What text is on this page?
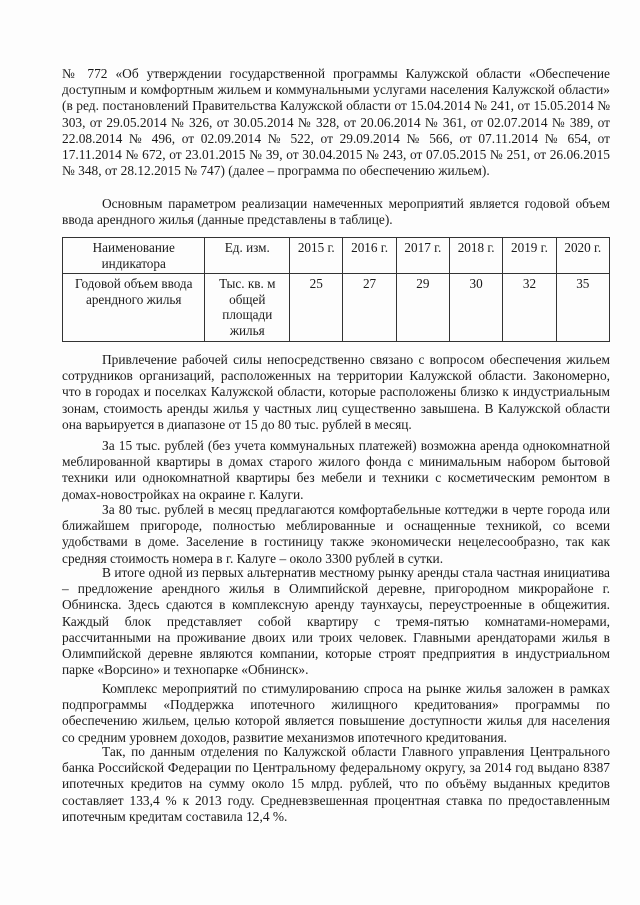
№ 772 «Об утверждении государственной программы Калужской области «Обеспечение доступным и комфортным жильем и коммунальными услугами населения Калужской области» (в ред. постановлений Правительства Калужской области от 15.04.2014 № 241, от 15.05.2014 № 303, от 29.05.2014 № 326, от 30.05.2014 № 328, от 20.06.2014 № 361, от 02.07.2014 № 389, от 22.08.2014 № 496, от 02.09.2014 № 522, от 29.09.2014 № 566, от 07.11.2014 № 654, от 17.11.2014 № 672, от 23.01.2015 № 39, от 30.04.2015 № 243, от 07.05.2015 № 251, от 26.06.2015 № 348, от 28.12.2015 № 747) (далее – программа по обеспечению жильем).

Основным параметром реализации намеченных мероприятий является годовой объем ввода арендного жилья (данные представлены в таблице).

Наименование индикатора	Ед. изм.	2015 г.	2016 г.	2017 г.	2018 г.	2019 г.	2020 г.
Годовой объем ввода арендного жилья	Тыс. кв. м общей площади жилья	25	27	29	30	32	35

Привлечение рабочей силы непосредственно связано с вопросом обеспечения жильем сотрудников организаций, расположенных на территории Калужской области. Закономерно, что в городах и поселках Калужской области, которые расположены близко к индустриальным зонам, стоимость аренды жилья у частных лиц существенно завышена. В Калужской области она варьируется в диапазоне от 15 до 80 тыс. рублей в месяц.

За 15 тыс. рублей (без учета коммунальных платежей) возможна аренда однокомнатной меблированной квартиры в домах старого жилого фонда с минимальным набором бытовой техники или однокомнатной квартиры без мебели и техники с косметическим ремонтом в домах-новостройках на окраине г. Калуги.

За 80 тыс. рублей в месяц предлагаются комфортабельные коттеджи в черте города или ближайшем пригороде, полностью меблированные и оснащенные техникой, со всеми удобствами в доме. Заселение в гостиницу также экономически нецелесообразно, так как средняя стоимость номера в г. Калуге – около 3300 рублей в сутки.

В итоге одной из первых альтернатив местному рынку аренды стала частная инициатива – предложение арендного жилья в Олимпийской деревне, пригородном микрорайоне г. Обнинска. Здесь сдаются в комплексную аренду таунхаусы, переустроенные в общежития. Каждый блок представляет собой квартиру с тремя-пятью комнатами-номерами, рассчитанными на проживание двоих или троих человек. Главными арендаторами жилья в Олимпийской деревне являются компании, которые строят предприятия в индустриальном парке «Ворсино» и технопарке «Обнинск».

Комплекс мероприятий по стимулированию спроса на рынке жилья заложен в рамках подпрограммы «Поддержка ипотечного жилищного кредитования» программы по обеспечению жильем, целью которой является повышение доступности жилья для населения со средним уровнем доходов, развитие механизмов ипотечного кредитования.

Так, по данным отделения по Калужской области Главного управления Центрального банка Российской Федерации по Центральному федеральному округу, за 2014 год выдано 8387 ипотечных кредитов на сумму около 15 млрд. рублей, что по объёму выданных кредитов составляет 133,4 % к 2013 году. Средневзвешенная процентная ставка по предоставленным ипотечным кредитам составила 12,4 %.
